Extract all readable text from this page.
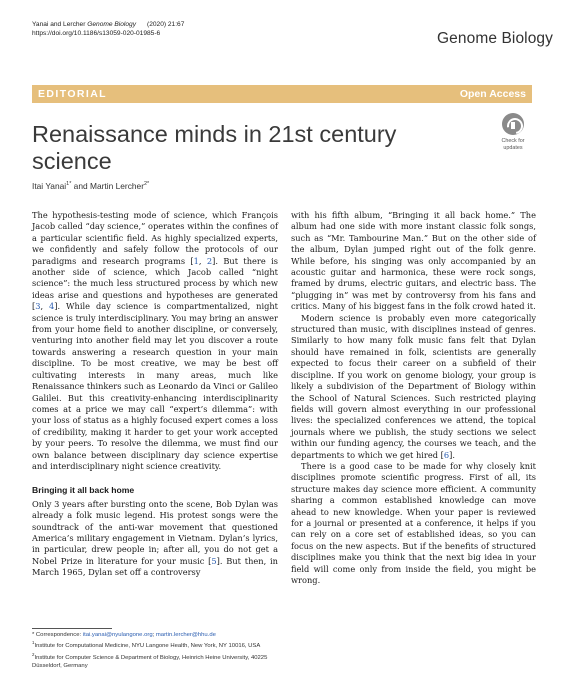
Yanai and Lercher Genome Biology (2020) 21:67
https://doi.org/10.1186/s13059-020-01985-6	Genome Biology
EDITORIAL	Open Access
Check for
updates
Renaissance minds in 21st century science
Itai Yanai$^{1*}$ and Martin Lercher$^{2*}$

The hypothesis-testing mode of science, which François Jacob called “day science,” operates within the confines of a particular scientific field. As highly specialized experts, we confidently and safely follow the protocols of our paradigms and research programs [1, 2]. But there is another side of science, which Jacob called “night science”: the much less structured process by which new ideas arise and questions and hypotheses are generated [3, 4]. While day science is compartmentalized, night science is truly interdisciplinary. You may bring an answer from your home field to another discipline, or conversely, venturing into another field may let you discover a route towards answering a research question in your main discipline. To be most creative, we may be best off cultivating interests in many areas, much like Renaissance thinkers such as Leonardo da Vinci or Galileo Galilei. But this creativity-enhancing interdisciplinarity comes at a price we may call “expert’s dilemma”: with your loss of status as a highly focused expert comes a loss of credibility, making it harder to get your work accepted by your peers. To resolve the dilemma, we must find our own balance between disciplinary day science expertise and interdisciplinary night science creativity.

Bringing it all back home

Only 3 years after bursting onto the scene, Bob Dylan was already a folk music legend. His protest songs were the soundtrack of the anti-war movement that questioned America’s military engagement in Vietnam. Dylan’s lyrics, in particular, drew people in; after all, you do not get a Nobel Prize in literature for your music [5]. But then, in March 1965, Dylan set off a controversy

with his fifth album, “Bringing it all back home.” The album had one side with more instant classic folk songs, such as “Mr. Tambourine Man.” But on the other side of the album, Dylan jumped right out of the folk genre. While before, his singing was only accompanied by an acoustic guitar and harmonica, these were rock songs, framed by drums, electric guitars, and electric bass. The “plugging in” was met by controversy from his fans and critics. Many of his biggest fans in the folk crowd hated it.

Modern science is probably even more categorically structured than music, with disciplines instead of genres. Similarly to how many folk music fans felt that Dylan should have remained in folk, scientists are generally expected to focus their career on a subfield of their discipline. If you work on genome biology, your group is likely a subdivision of the Department of Biology within the School of Natural Sciences. Such restricted playing fields will govern almost everything in our professional lives: the specialized conferences we attend, the topical journals where we publish, the study sections we select within our funding agency, the courses we teach, and the departments to which we get hired [6].

There is a good case to be made for why closely knit disciplines promote scientific progress. First of all, its structure makes day science more efficient. A community sharing a common established knowledge can move ahead to new knowledge. When your paper is reviewed for a journal or presented at a conference, it helps if you can rely on a core set of established ideas, so you can focus on the new aspects. But if the benefits of structured disciplines make you think that the next big idea in your field will come only from inside the field, you might be wrong.

* Correspondence: itai.yanai@nyulangone.org; martin.lercher@hhu.de
$^1$Institute for Computational Medicine, NYU Langone Health, New York, NY 10016, USA
$^2$Institute for Computer Science & Department of Biology, Heinrich Heine University, 40225 Düsseldorf, Germany
